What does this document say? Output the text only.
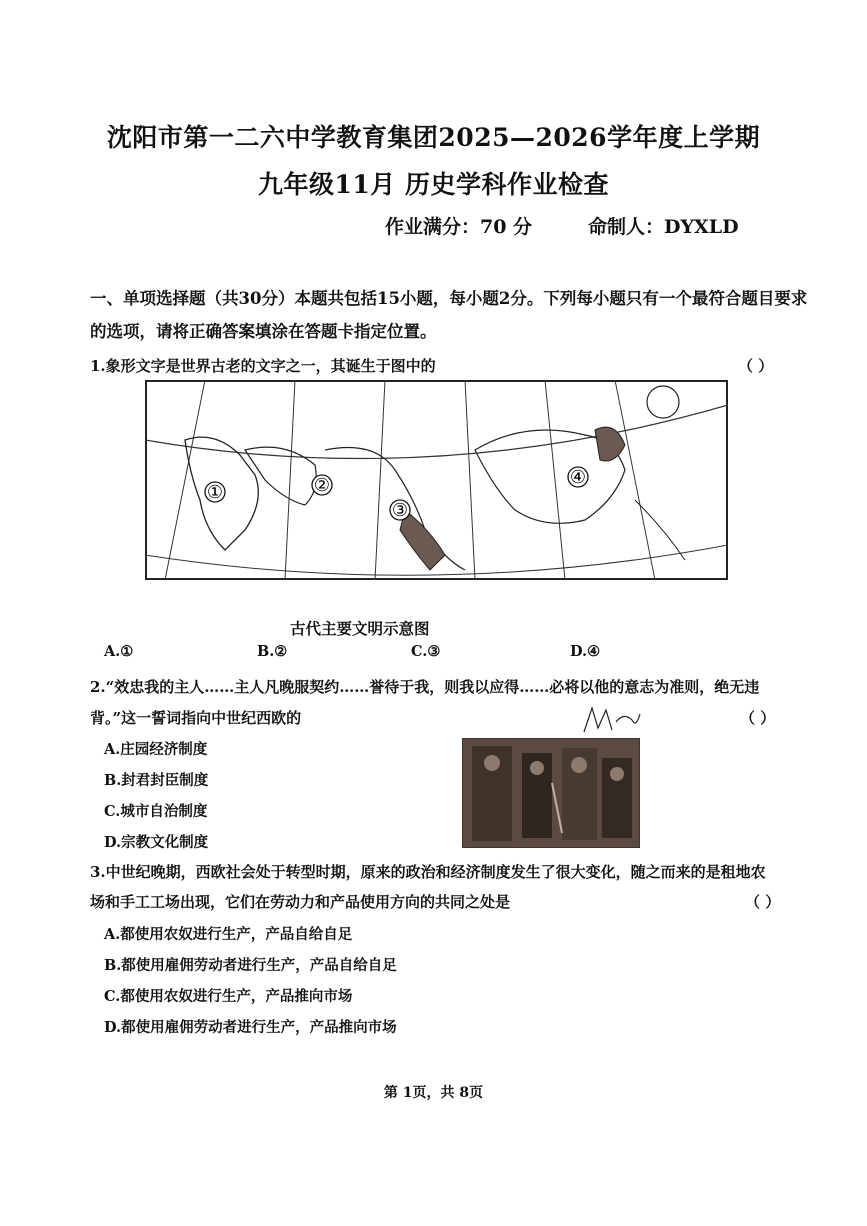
沈阳市第一二六中学教育集团2025—2026学年度上学期
九年级11月 历史学科作业检查
作业满分：70 分	命制人：DYXLD
一、单项选择题（共30分）本题共包括15小题，每小题2分。下列每小题只有一个最符合题目要求的选项，请将正确答案填涂在答题卡指定位置。
1.象形文字是世界古老的文字之一，其诞生于图中的	（ ）
①	②
③
④
古代主要文明示意图
A.①	B.②	C.③	D.④
2.“效忠我的主人……主人凡晚服契约……誉待于我，则我以应得……必将以他的意志为准则，绝无违
背。”这一誓词指向中世纪西欧的	（ ）
A.庄园经济制度
B.封君封臣制度
C.城市自治制度
D.宗教文化制度
3.中世纪晚期，西欧社会处于转型时期，原来的政治和经济制度发生了很大变化，随之而来的是租地农
场和手工工场出现，它们在劳动力和产品使用方向的共同之处是	（ ）
A.都使用农奴进行生产，产品自给自足
B.都使用雇佣劳动者进行生产，产品自给自足
C.都使用农奴进行生产，产品推向市场
D.都使用雇佣劳动者进行生产，产品推向市场
第 1页，共 8页
